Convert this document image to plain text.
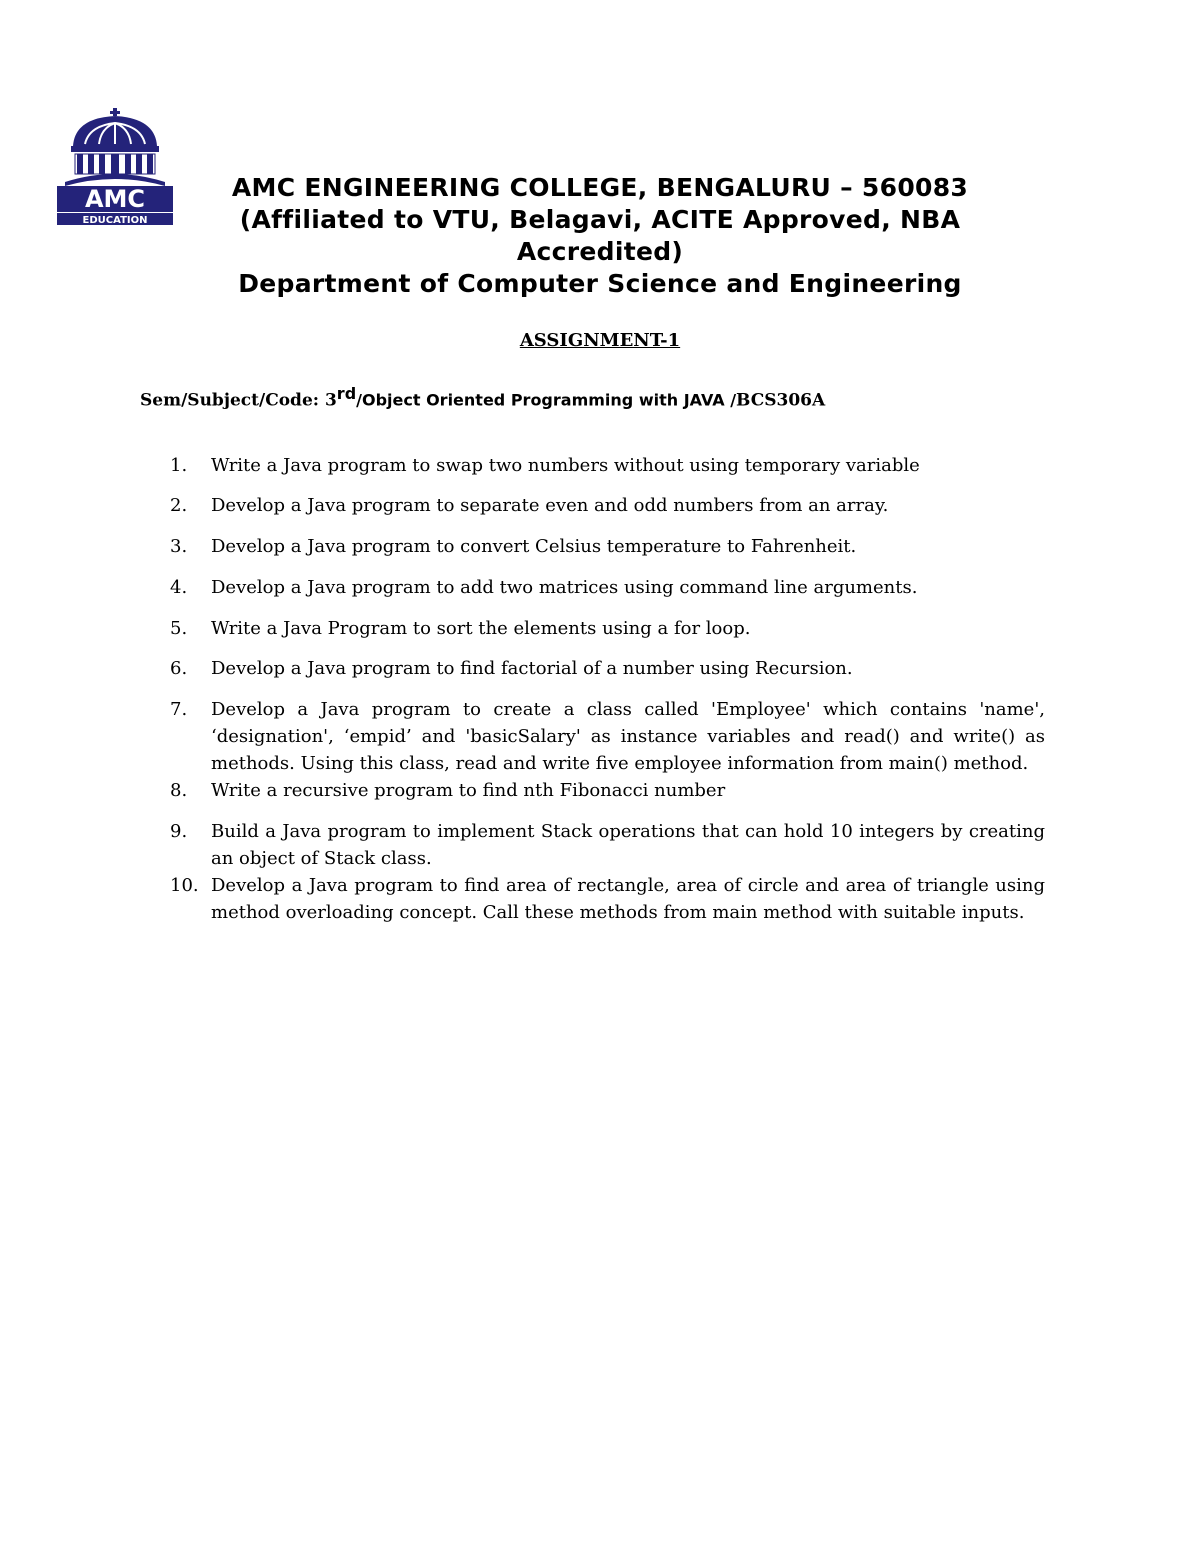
AMC
EDUCATION
AMC ENGINEERING COLLEGE, BENGALURU – 560083
(Affiliated to VTU, Belagavi, ACITE Approved, NBA
Accredited)
Department of Computer Science and Engineering
ASSIGNMENT-1
Sem/Subject/Code: 3rd/Object Oriented Programming with JAVA /BCS306A
1.	Write a Java program to swap two numbers without using temporary variable
2.	Develop a Java program to separate even and odd numbers from an array.
3.	Develop a Java program to convert Celsius temperature to Fahrenheit.
4.	Develop a Java program to add two matrices using command line arguments.
5.	Write a Java Program to sort the elements using a for loop.
6.	Develop a Java program to find factorial of a number using Recursion.
7.	Develop a Java program to create a class called 'Employee' which contains 'name', ‘designation', ‘empid’ and 'basicSalary' as instance variables and read() and write() as methods. Using this class, read and write five employee information from main() method.
8.	Write a recursive program to find nth Fibonacci number
9.	Build a Java program to implement Stack operations that can hold 10 integers by creating an object of Stack class.
10. Develop a Java program to find area of rectangle, area of circle and area of triangle using method overloading concept. Call these methods from main method with suitable inputs.
